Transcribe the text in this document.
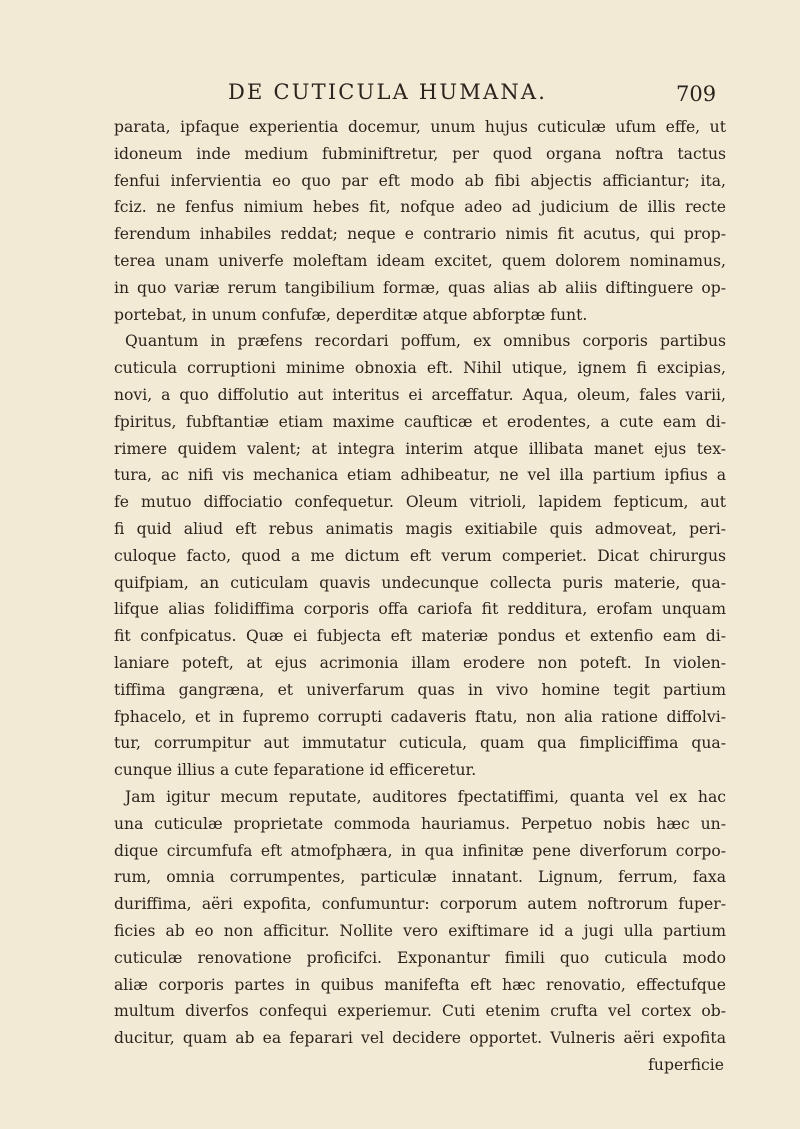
DE CUTICULA HUMANA.	709
parata, ipfaque experientia docemur, unum hujus cuticulæ ufum effe, ut
idoneum inde medium fubminiftretur, per quod organa noftra tactus
fenfui infervientia eo quo par eft modo ab fibi abjectis afficiantur; ita,
fciz. ne fenfus nimium hebes fit, nofque adeo ad judicium de illis recte
ferendum inhabiles reddat; neque e contrario nimis fit acutus, qui prop-
terea unam univerfe moleftam ideam excitet, quem dolorem nominamus,
in quo variæ rerum tangibilium formæ, quas alias ab aliis diftinguere op-
portebat, in unum confufæ, deperditæ atque abforptæ funt.
Quantum in præfens recordari poffum, ex omnibus corporis partibus
cuticula corruptioni minime obnoxia eft. Nihil utique, ignem fi excipias,
novi, a quo diffolutio aut interitus ei arceffatur. Aqua, oleum, fales varii,
fpiritus, fubftantiæ etiam maxime caufticæ et erodentes, a cute eam di-
rimere quidem valent; at integra interim atque illibata manet ejus tex-
tura, ac nifi vis mechanica etiam adhibeatur, ne vel illa partium ipfius a
fe mutuo diffociatio confequetur. Oleum vitrioli, lapidem fepticum, aut
fi quid aliud eft rebus animatis magis exitiabile quis admoveat, peri-
culoque facto, quod a me dictum eft verum comperiet. Dicat chirurgus
quifpiam, an cuticulam quavis undecunque collecta puris materie, qua-
lifque alias folidiffima corporis offa cariofa fit redditura, erofam unquam
fit confpicatus. Quæ ei fubjecta eft materiæ pondus et extenfio eam di-
laniare poteft, at ejus acrimonia illam erodere non poteft. In violen-
tiffima gangræna, et univerfarum quas in vivo homine tegit partium
fphacelo, et in fupremo corrupti cadaveris ftatu, non alia ratione diffolvi-
tur, corrumpitur aut immutatur cuticula, quam qua fimpliciffima qua-
cunque illius a cute feparatione id efficeretur.
Jam igitur mecum reputate, auditores fpectatiffimi, quanta vel ex hac
una cuticulæ proprietate commoda hauriamus. Perpetuo nobis hæc un-
dique circumfufa eft atmofphæra, in qua infinitæ pene diverforum corpo-
rum, omnia corrumpentes, particulæ innatant. Lignum, ferrum, faxa
duriffima, aëri expofita, confumuntur: corporum autem noftrorum fuper-
ficies ab eo non afficitur. Nollite vero exiftimare id a jugi ulla partium
cuticulæ renovatione proficifci. Exponantur fimili quo cuticula modo
aliæ corporis partes in quibus manifefta eft hæc renovatio, effectufque
multum diverfos confequi experiemur. Cuti etenim crufta vel cortex ob-
ducitur, quam ab ea feparari vel decidere opportet. Vulneris aëri expofita
fuperficie
